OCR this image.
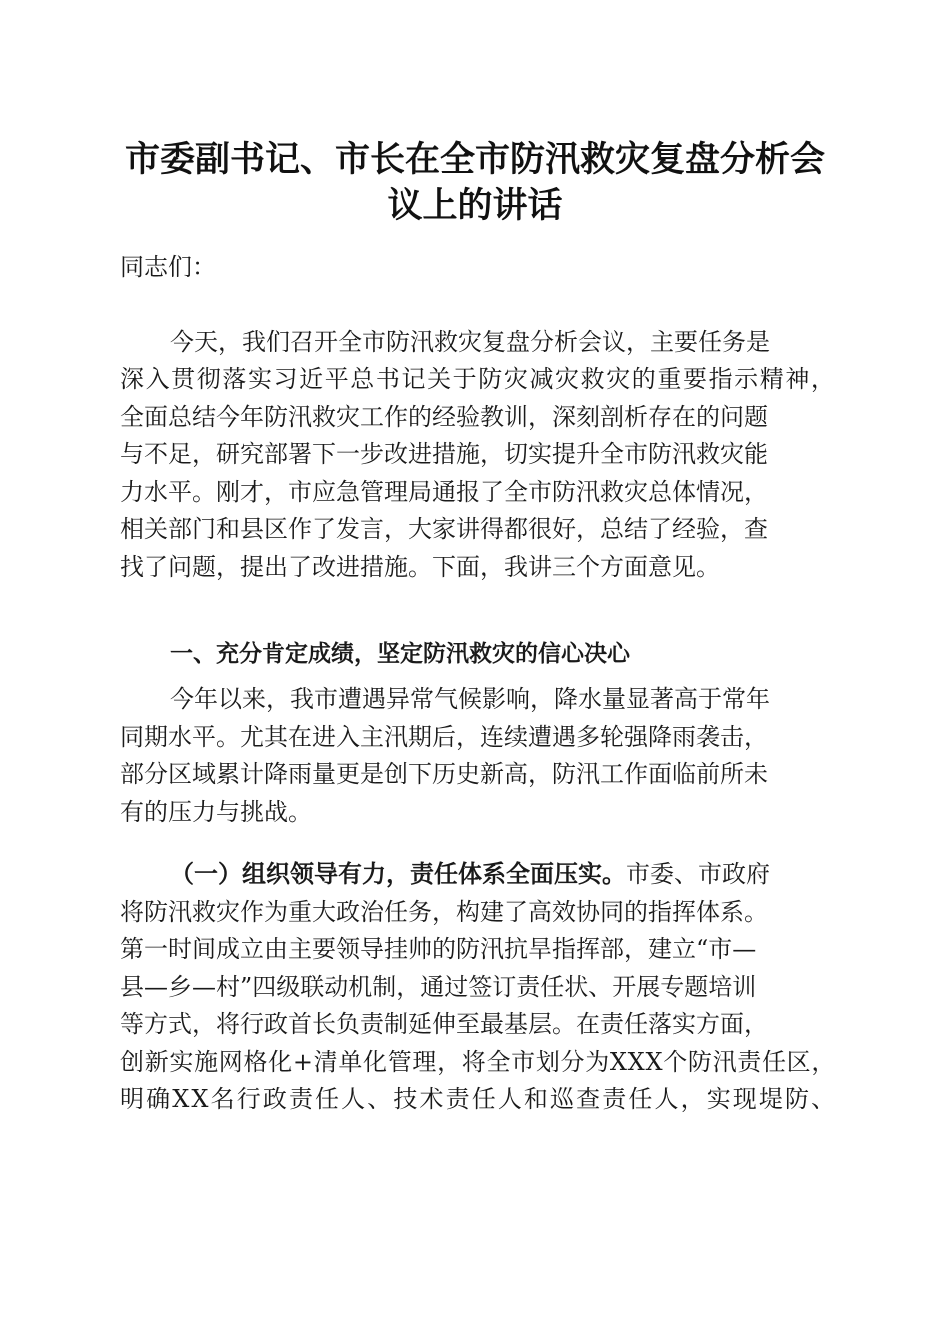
市委副书记、市长在全市防汛救灾复盘分析会
议上的讲话
同志们：
今天，我们召开全市防汛救灾复盘分析会议，主要任务是
深入贯彻落实习近平总书记关于防灾减灾救灾的重要指示精神，
全面总结今年防汛救灾工作的经验教训，深刻剖析存在的问题
与不足，研究部署下一步改进措施，切实提升全市防汛救灾能
力水平。刚才，市应急管理局通报了全市防汛救灾总体情况，
相关部门和县区作了发言，大家讲得都很好，总结了经验，查
找了问题，提出了改进措施。下面，我讲三个方面意见。
一、充分肯定成绩，坚定防汛救灾的信心决心
今年以来，我市遭遇异常气候影响，降水量显著高于常年
同期水平。尤其在进入主汛期后，连续遭遇多轮强降雨袭击，
部分区域累计降雨量更是创下历史新高，防汛工作面临前所未
有的压力与挑战。
（一）组织领导有力，责任体系全面压实。市委、市政府
将防汛救灾作为重大政治任务，构建了高效协同的指挥体系。
第一时间成立由主要领导挂帅的防汛抗旱指挥部，建立“市—
县—乡—村”四级联动机制，通过签订责任状、开展专题培训
等方式，将行政首长负责制延伸至最基层。在责任落实方面，
创新实施网格化+清单化管理，将全市划分为XXX个防汛责任区，
明确XX名行政责任人、技术责任人和巡查责任人，实现堤防、
